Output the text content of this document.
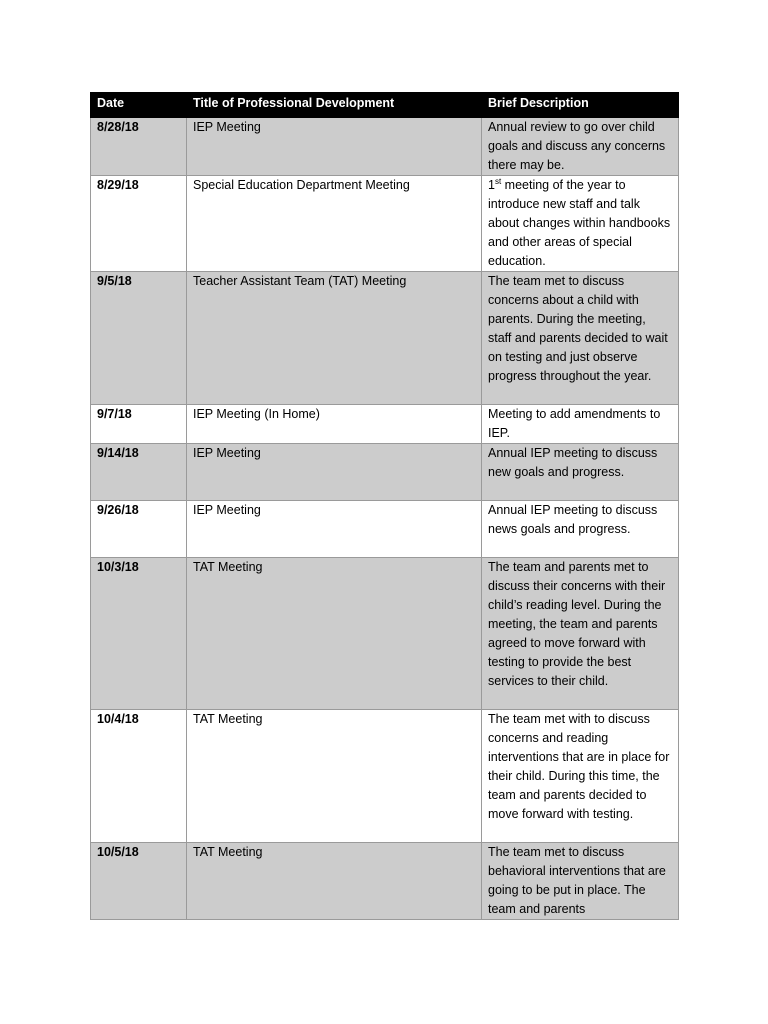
Date	Title of Professional Development	Brief Description
8/28/18	IEP Meeting	Annual review to go over child goals and discuss any concerns there may be.
8/29/18	Special Education Department Meeting	1st meeting of the year to introduce new staff and talk about changes within handbooks and other areas of special education.
9/5/18	Teacher Assistant Team (TAT) Meeting	The team met to discuss concerns about a child with parents. During the meeting, staff and parents decided to wait on testing and just observe progress throughout the year.
9/7/18	IEP Meeting (In Home)	Meeting to add amendments to IEP.
9/14/18	IEP Meeting	Annual IEP meeting to discuss new goals and progress.
9/26/18	IEP Meeting	Annual IEP meeting to discuss news goals and progress.
10/3/18	TAT Meeting	The team and parents met to discuss their concerns with their child’s reading level. During the meeting, the team and parents agreed to move forward with testing to provide the best services to their child.
10/4/18	TAT Meeting	The team met with to discuss concerns and reading interventions that are in place for their child. During this time, the team and parents decided to move forward with testing.
10/5/18	TAT Meeting	The team met to discuss behavioral interventions that are going to be put in place. The team and parents
